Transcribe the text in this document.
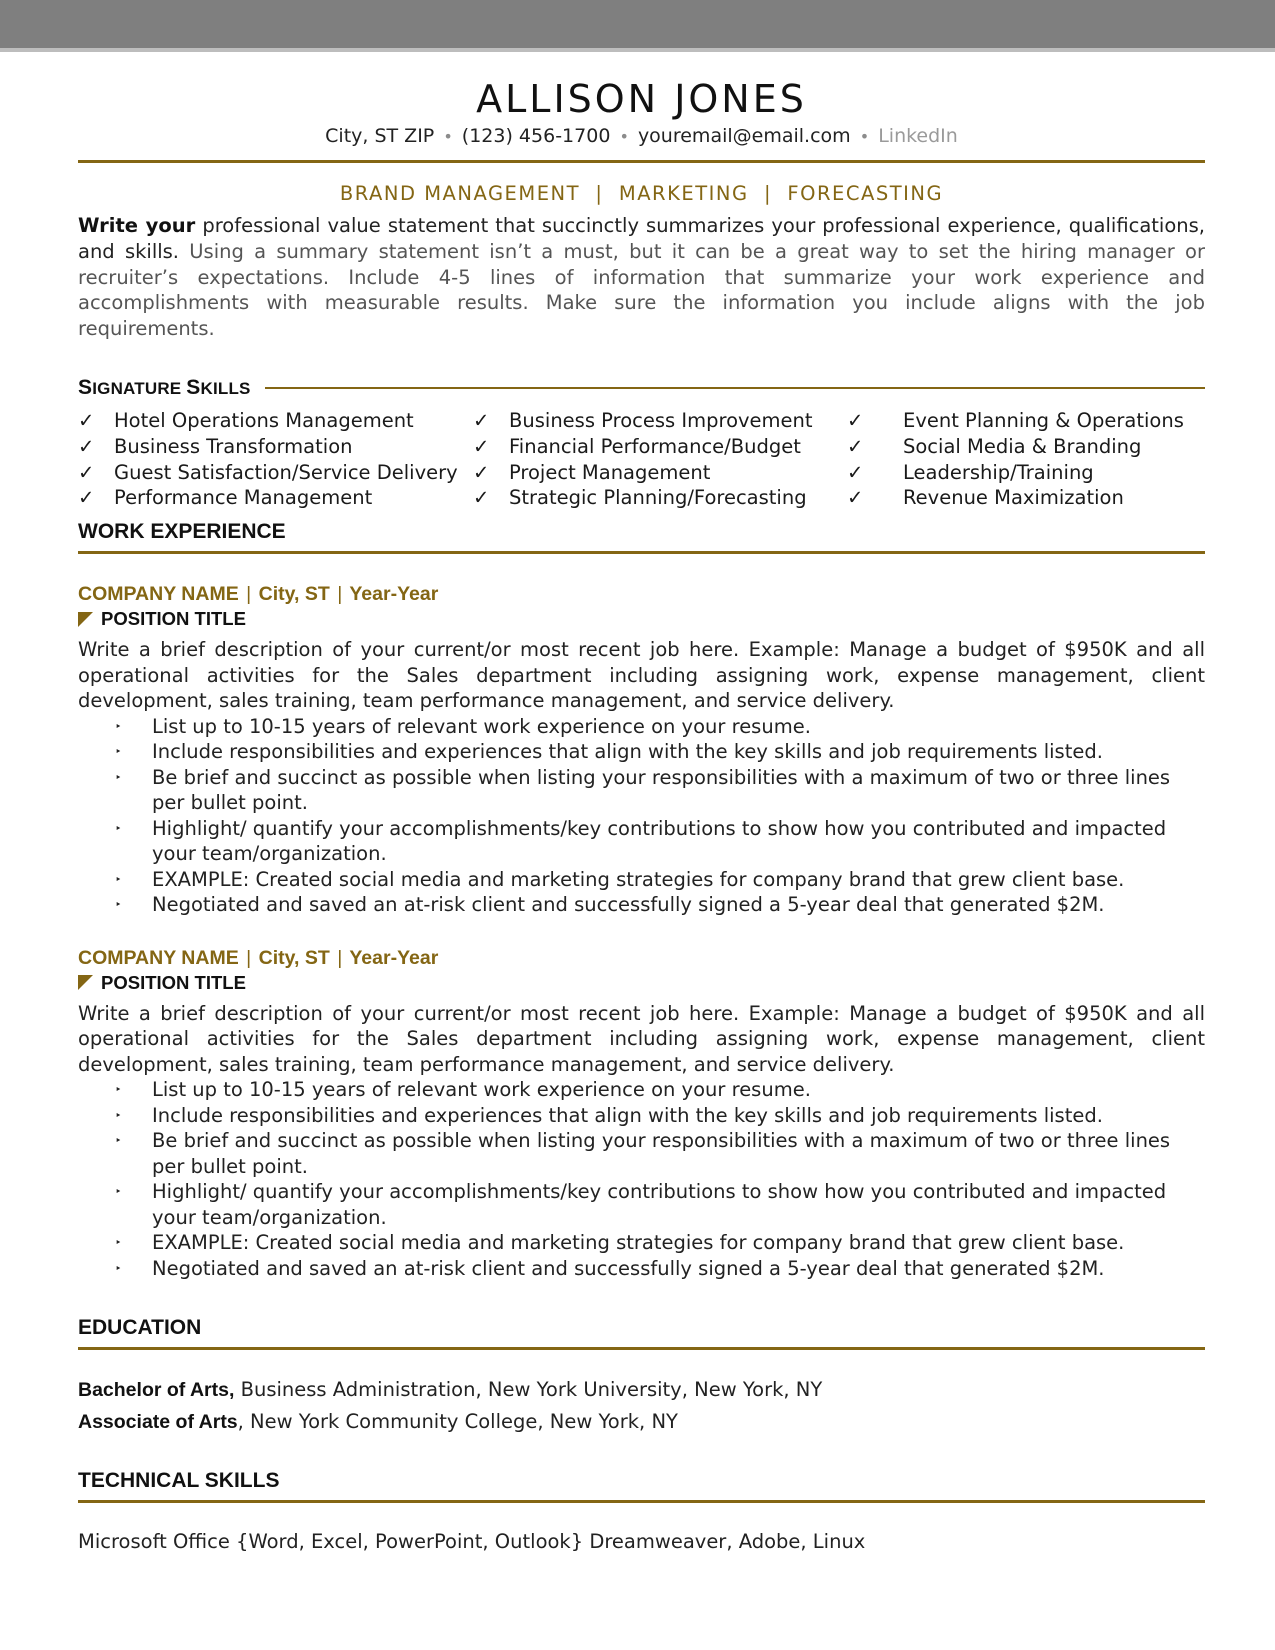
ALLISON JONES
City, ST ZIP • (123) 456-1700 • youremail@email.com • LinkedIn
BRAND MANAGEMENT  |  MARKETING  |  FORECASTING
Write your professional value statement that succinctly summarizes your professional experience, qualifications, and skills. Using a summary statement isn’t a must, but it can be a great way to set the hiring manager or recruiter’s expectations. Include 4-5 lines of information that summarize your work experience and accomplishments with measurable results. Make sure the information you include aligns with the job requirements.
SIGNATURE SKILLS
✓	Hotel Operations Management
✓	Business Transformation
✓	Guest Satisfaction/Service Delivery
✓	Performance Management
✓	Business Process Improvement
✓	Financial Performance/Budget
✓	Project Management
✓	Strategic Planning/Forecasting
✓	Event Planning & Operations
✓	Social Media & Branding
✓	Leadership/Training
✓	Revenue Maximization
WORK EXPERIENCE
COMPANY NAME | City, ST | Year-Year
POSITION TITLE
Write a brief description of your current/or most recent job here. Example: Manage a budget of $950K and all operational activities for the Sales department including assigning work, expense management, client development, sales training, team performance management, and service delivery.
‣ List up to 10-15 years of relevant work experience on your resume.
‣ Include responsibilities and experiences that align with the key skills and job requirements listed.
‣ Be brief and succinct as possible when listing your responsibilities with a maximum of two or three lines per bullet point.
‣ Highlight/ quantify your accomplishments/key contributions to show how you contributed and impacted your team/organization.
‣ EXAMPLE: Created social media and marketing strategies for company brand that grew client base.
‣ Negotiated and saved an at-risk client and successfully signed a 5-year deal that generated $2M.
COMPANY NAME | City, ST | Year-Year
POSITION TITLE
Write a brief description of your current/or most recent job here. Example: Manage a budget of $950K and all operational activities for the Sales department including assigning work, expense management, client development, sales training, team performance management, and service delivery.
‣ List up to 10-15 years of relevant work experience on your resume.
‣ Include responsibilities and experiences that align with the key skills and job requirements listed.
‣ Be brief and succinct as possible when listing your responsibilities with a maximum of two or three lines per bullet point.
‣ Highlight/ quantify your accomplishments/key contributions to show how you contributed and impacted your team/organization.
‣ EXAMPLE: Created social media and marketing strategies for company brand that grew client base.
‣ Negotiated and saved an at-risk client and successfully signed a 5-year deal that generated $2M.
EDUCATION
Bachelor of Arts, Business Administration, New York University, New York, NY
Associate of Arts, New York Community College, New York, NY
TECHNICAL SKILLS
Microsoft Office {Word, Excel, PowerPoint, Outlook} Dreamweaver, Adobe, Linux
